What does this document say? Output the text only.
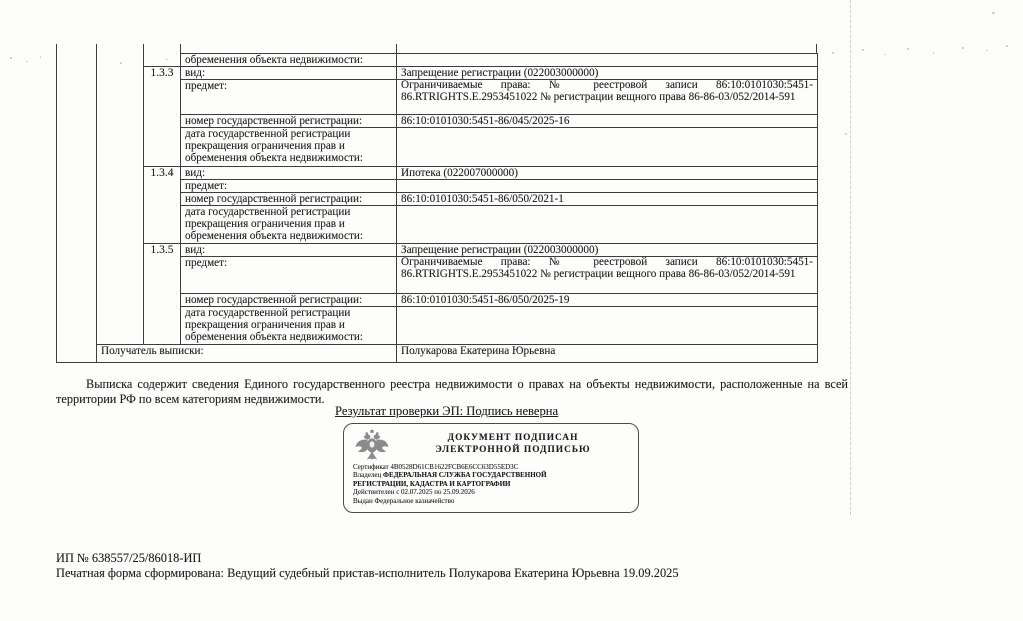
			обременения объекта недвижимости:	
		1.3.3	вид:	Запрещение регистрации (022003000000)
			предмет:	Ограничиваемые права: № реестровой записи 86:10:0101030:5451-86.RTRIGHTS.E.2953451022 № регистрации вещного права 86-86-03/052/2014-591
			номер государственной регистрации:	86:10:0101030:5451-86/045/2025-16
			дата государственной регистрации прекращения ограничения прав и обременения объекта недвижимости:	
		1.3.4	вид:	Ипотека (022007000000)
			предмет:	
			номер государственной регистрации:	86:10:0101030:5451-86/050/2021-1
			дата государственной регистрации прекращения ограничения прав и обременения объекта недвижимости:	
		1.3.5	вид:	Запрещение регистрации (022003000000)
			предмет:	Ограничиваемые права: № реестровой записи 86:10:0101030:5451-86.RTRIGHTS.E.2953451022 № регистрации вещного права 86-86-03/052/2014-591
			номер государственной регистрации:	86:10:0101030:5451-86/050/2025-19
			дата государственной регистрации прекращения ограничения прав и обременения объекта недвижимости:	
	Получатель выписки:			Полукарова Екатерина Юрьевна

Выписка содержит сведения Единого государственного реестра недвижимости о правах на объекты недвижимости, расположенные на всей территории РФ по всем категориям недвижимости.

Результат проверки ЭП: Подпись неверна
ДОКУМЕНТ ПОДПИСАН
ЭЛЕКТРОННОЙ ПОДПИСЬЮ
Сертификат 4B0528D61CB1622FCB6E6CC63D55ED3C
Владелец ФЕДЕРАЛЬНАЯ СЛУЖБА ГОСУДАРСТВЕННОЙ РЕГИСТРАЦИИ, КАДАСТРА И КАРТОГРАФИИ
Действителен с 02.07.2025 по 25.09.2026
Выдан Федеральное казначейство
ИП № 638557/25/86018-ИП
Печатная форма сформирована: Ведущий судебный пристав-исполнитель Полукарова Екатерина Юрьевна 19.09.2025
